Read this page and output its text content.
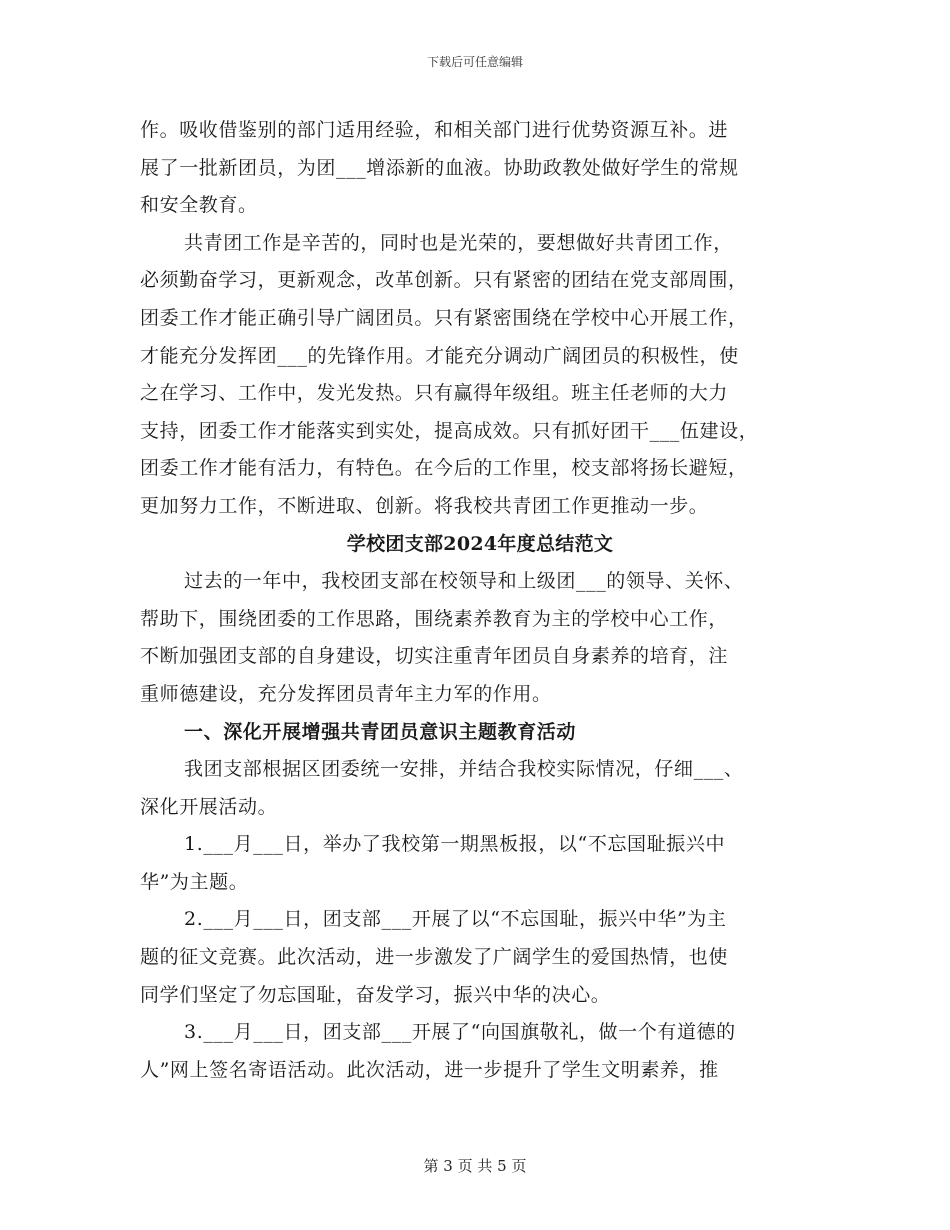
下载后可任意编辑
作。吸收借鉴别的部门适用经验，和相关部门进行优势资源互补。进
展了一批新团员，为团___增添新的血液。协助政教处做好学生的常规
和安全教育。
共青团工作是辛苦的，同时也是光荣的，要想做好共青团工作，
必须勤奋学习，更新观念，改革创新。只有紧密的团结在党支部周围，
团委工作才能正确引导广阔团员。只有紧密围绕在学校中心开展工作，
才能充分发挥团___的先锋作用。才能充分调动广阔团员的积极性，使
之在学习、工作中，发光发热。只有赢得年级组。班主任老师的大力
支持，团委工作才能落实到实处，提高成效。只有抓好团干___伍建设，
团委工作才能有活力，有特色。在今后的工作里，校支部将扬长避短，
更加努力工作，不断进取、创新。将我校共青团工作更推动一步。
学校团支部2024年度总结范文
过去的一年中，我校团支部在校领导和上级团___的领导、关怀、
帮助下，围绕团委的工作思路，围绕素养教育为主的学校中心工作，
不断加强团支部的自身建设，切实注重青年团员自身素养的培育，注
重师德建设，充分发挥团员青年主力军的作用。
一、深化开展增强共青团员意识主题教育活动
我团支部根据区团委统一安排，并结合我校实际情况，仔细___、
深化开展活动。
1.___月___日，举办了我校第一期黑板报，以“不忘国耻振兴中
华”为主题。
2.___月___日，团支部___开展了以“不忘国耻，振兴中华”为主
题的征文竞赛。此次活动，进一步激发了广阔学生的爱国热情，也使
同学们坚定了勿忘国耻，奋发学习，振兴中华的决心。
3.___月___日，团支部___开展了“向国旗敬礼，做一个有道德的
人”网上签名寄语活动。此次活动，进一步提升了学生文明素养，推
第 3 页 共 5 页
